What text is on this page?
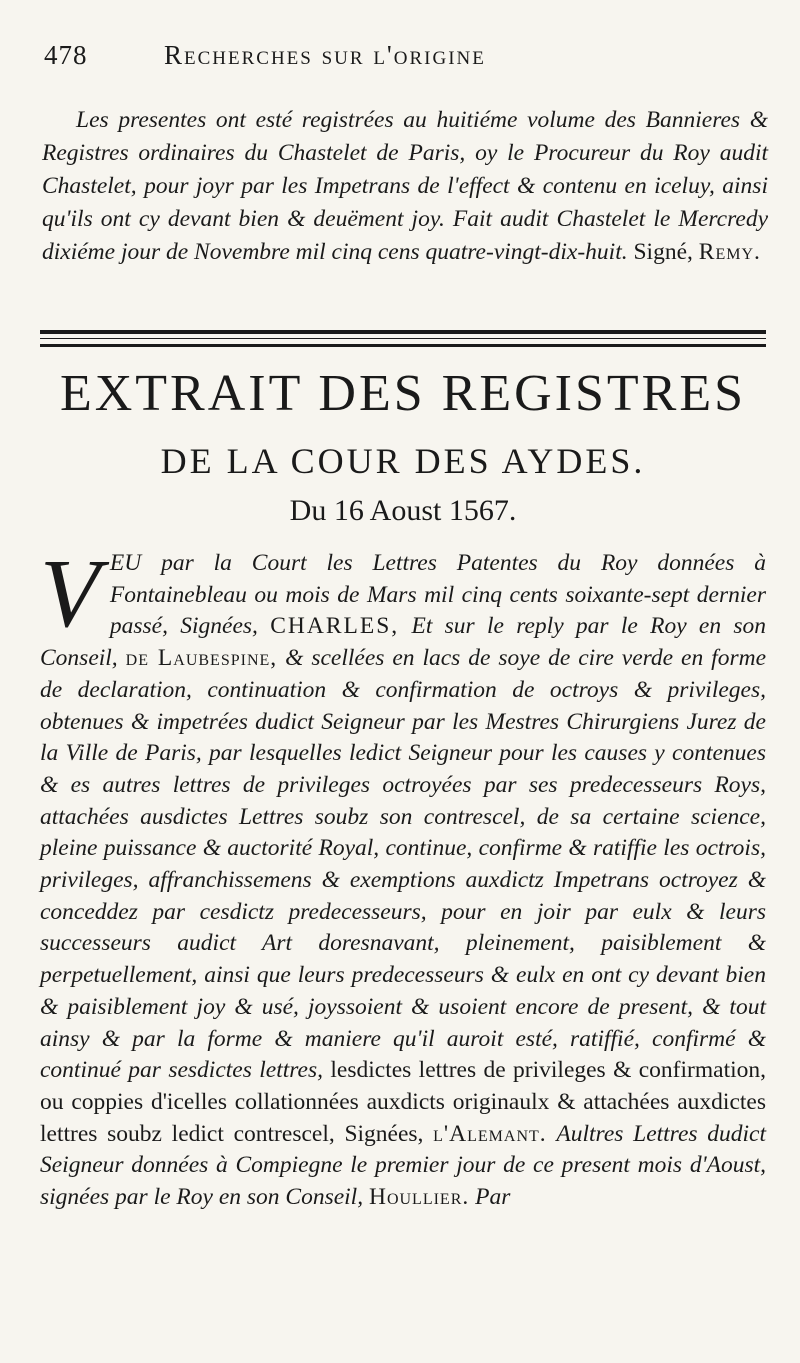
478	Recherches sur l'origine

Les presentes ont esté registrées au huitiéme volume des Bannieres & Registres ordinaires du Chastelet de Paris, oy le Procureur du Roy audit Chastelet, pour joyr par les Impetrans de l'effect & contenu en iceluy, ainsi qu'ils ont cy devant bien & deuëment joy. Fait audit Chastelet le Mercredy dixiéme jour de Novembre mil cinq cens quatre-vingt-dix-huit. Signé, Remy.

EXTRAIT DES REGISTRES
DE LA COUR DES AYDES.

Du 16 Aoust 1567.

VEU par la Court les Lettres Patentes du Roy données à Fontainebleau ou mois de Mars mil cinq cents soixante-sept dernier passé, Signées, CHARLES, Et sur le reply par le Roy en son Conseil, de Laubespine, & scellées en lacs de soye de cire verde en forme de declaration, continuation & confirmation de octroys & privileges, obtenues & impetrées dudict Seigneur par les Mestres Chirurgiens Jurez de la Ville de Paris, par lesquelles ledict Seigneur pour les causes y contenues & es autres lettres de privileges octroyées par ses predecesseurs Roys, attachées ausdictes Lettres soubz son contrescel, de sa certaine science, pleine puissance & auctorité Royal, continue, confirme & ratiffie les octrois, privileges, affranchissemens & exemptions auxdictz Impetrans octroyez & conceddez par cesdictz predecesseurs, pour en joir par eulx & leurs successeurs audict Art doresnavant, pleinement, paisiblement & perpetuellement, ainsi que leurs predecesseurs & eulx en ont cy devant bien & paisiblement joy & usé, joyssoient & usoient encore de present, & tout ainsy & par la forme & maniere qu'il auroit esté, ratiffié, confirmé & continué par sesdictes lettres, lesdictes lettres de privileges & confirmation, ou coppies d'icelles collationnées auxdicts originaulx & attachées auxdictes lettres soubz ledict contrescel, Signées, l'Alemant. Aultres Lettres dudict Seigneur données à Compiegne le premier jour de ce present mois d'Aoust, signées par le Roy en son Conseil, Houllier. Par
